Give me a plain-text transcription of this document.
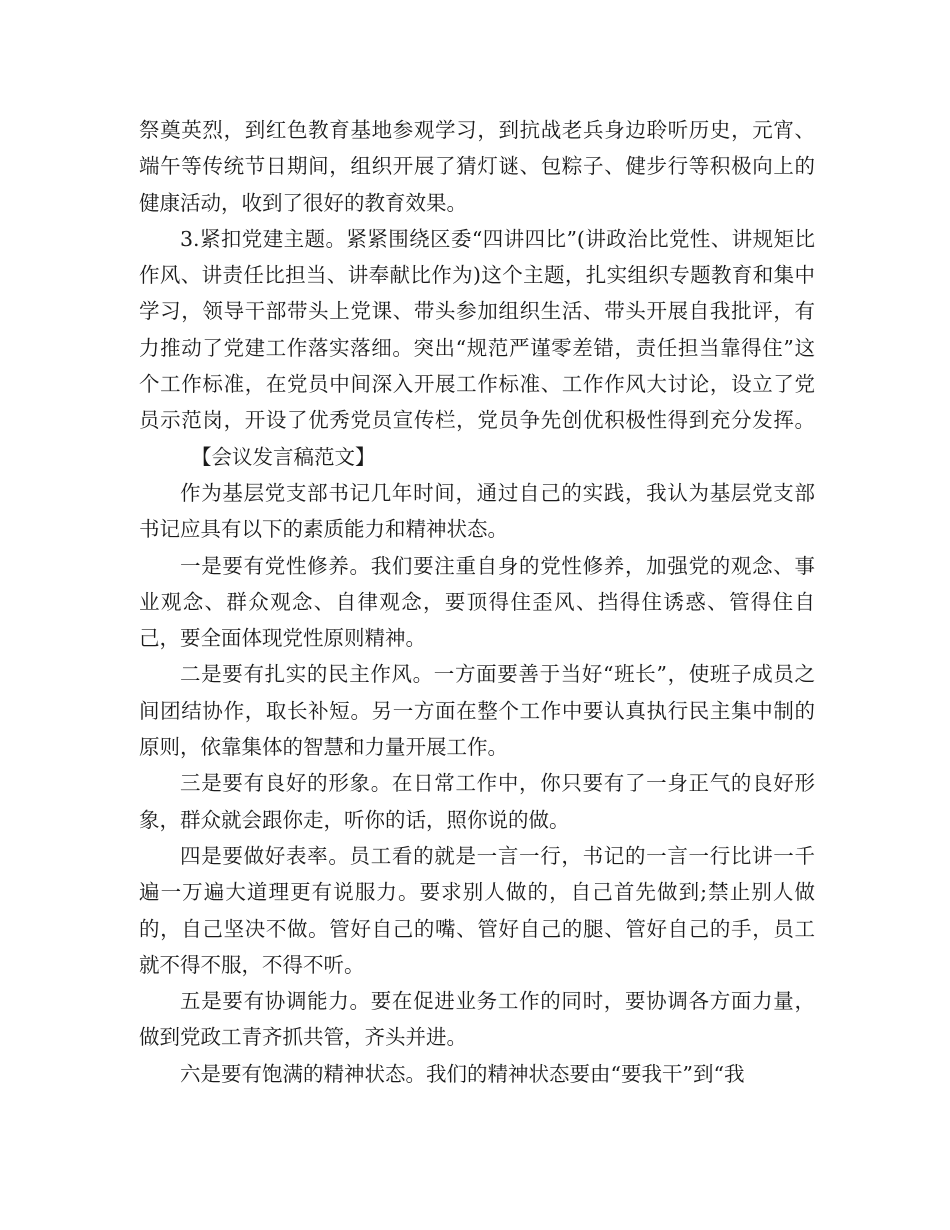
祭奠英烈，到红色教育基地参观学习，到抗战老兵身边聆听历史，元宵、端午等传统节日期间，组织开展了猜灯谜、包粽子、健步行等积极向上的健康活动，收到了很好的教育效果。

3.紧扣党建主题。紧紧围绕区委“四讲四比”(讲政治比党性、讲规矩比作风、讲责任比担当、讲奉献比作为)这个主题，扎实组织专题教育和集中学习，领导干部带头上党课、带头参加组织生活、带头开展自我批评，有力推动了党建工作落实落细。突出“规范严谨零差错，责任担当靠得住”这个工作标准，在党员中间深入开展工作标准、工作作风大讨论，设立了党员示范岗，开设了优秀党员宣传栏，党员争先创优积极性得到充分发挥。【会议发言稿范文】

作为基层党支部书记几年时间，通过自己的实践，我认为基层党支部书记应具有以下的素质能力和精神状态。

一是要有党性修养。我们要注重自身的党性修养，加强党的观念、事业观念、群众观念、自律观念，要顶得住歪风、挡得住诱惑、管得住自己，要全面体现党性原则精神。

二是要有扎实的民主作风。一方面要善于当好“班长”，使班子成员之间团结协作，取长补短。另一方面在整个工作中要认真执行民主集中制的原则，依靠集体的智慧和力量开展工作。

三是要有良好的形象。在日常工作中，你只要有了一身正气的良好形象，群众就会跟你走，听你的话，照你说的做。

四是要做好表率。员工看的就是一言一行，书记的一言一行比讲一千遍一万遍大道理更有说服力。要求别人做的，自己首先做到;禁止别人做的，自己坚决不做。管好自己的嘴、管好自己的腿、管好自己的手，员工就不得不服，不得不听。

五是要有协调能力。要在促进业务工作的同时，要协调各方面力量，做到党政工青齐抓共管，齐头并进。

六是要有饱满的精神状态。我们的精神状态要由“要我干”到“我
